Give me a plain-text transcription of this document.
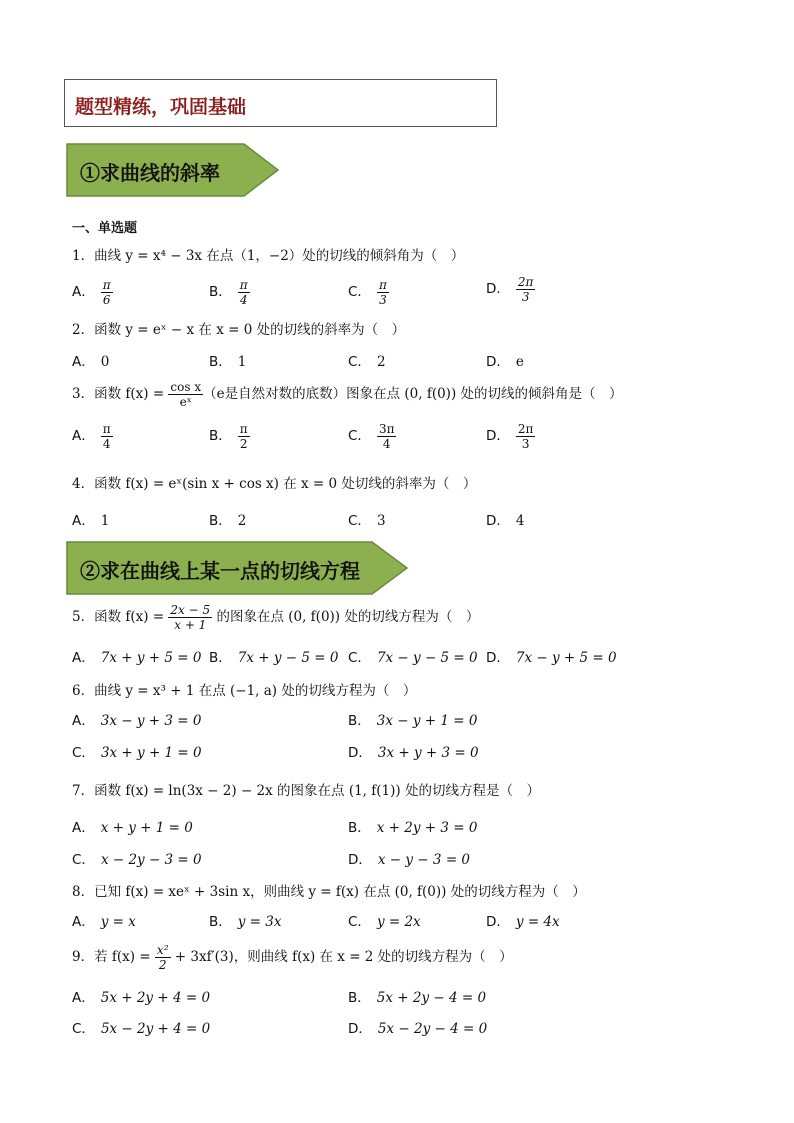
题型精练，巩固基础
①求曲线的斜率
一、单选题
1．曲线 y = x⁴ − 3x 在点（1，−2）处的切线的倾斜角为（　）
A． $\frac{\pi}{6}$	B． $\frac{\pi}{4}$	C． $\frac{\pi}{3}$	D． $\frac{2\pi}{3}$
2．函数 y = eˣ − x 在 x = 0 处的切线的斜率为（　）
A． 0	B． 1	C． 2	D． e
3．函数 $f(x) = \frac{\text{cos x}}{\text{eˣ}} (e$是自然对数的底数）图象在点 (0, f(0)) 处的切线的倾斜角是（　）
A． $\frac{\pi}{4}$	B． $\frac{\pi}{2}$	C． $\frac{3\pi}{4}$	D． $\frac{2\pi}{3}$
4．函数 f(x) = eˣ(sin x + cos x) 在 x = 0 处切线的斜率为（　）
A． 1	B． 2	C． 3	D． 4
②求在曲线上某一点的切线方程
5．函数 $f(x) = \frac{2x - 5}{x + 1}$ 的图象在点 (0, f(0)) 处的切线方程为（　）
A． 7x + y + 5 = 0 B． 7x + y − 5 = 0 C． 7x − y − 5 = 0 D． 7x − y + 5 = 0
6．曲线 y = x³ + 1 在点 (−1, a) 处的切线方程为（　）
A． 3x − y + 3 = 0	B． 3x − y + 1 = 0
C． 3x + y + 1 = 0	D． 3x + y + 3 = 0
7．函数 f(x) = ln(3x − 2) − 2x 的图象在点 (1, f(1)) 处的切线方程是（　）
A． x + y + 1 = 0	B． x + 2y + 3 = 0
C． x − 2y − 3 = 0	D． x − y − 3 = 0
8．已知 f(x) = xeˣ + 3sin x，则曲线 y = f(x) 在点 (0, f(0)) 处的切线方程为（　）
A． y = x	B． y = 3x	C． y = 2x	D． y = 4x
9．若 $f(x) = \frac{\text{x²}}{2} + 3xf'(3)$，则曲线 f(x) 在 x = 2 处的切线方程为（　）
A． 5x + 2y + 4 = 0	B． 5x + 2y − 4 = 0
C． 5x − 2y + 4 = 0	D． 5x − 2y − 4 = 0
